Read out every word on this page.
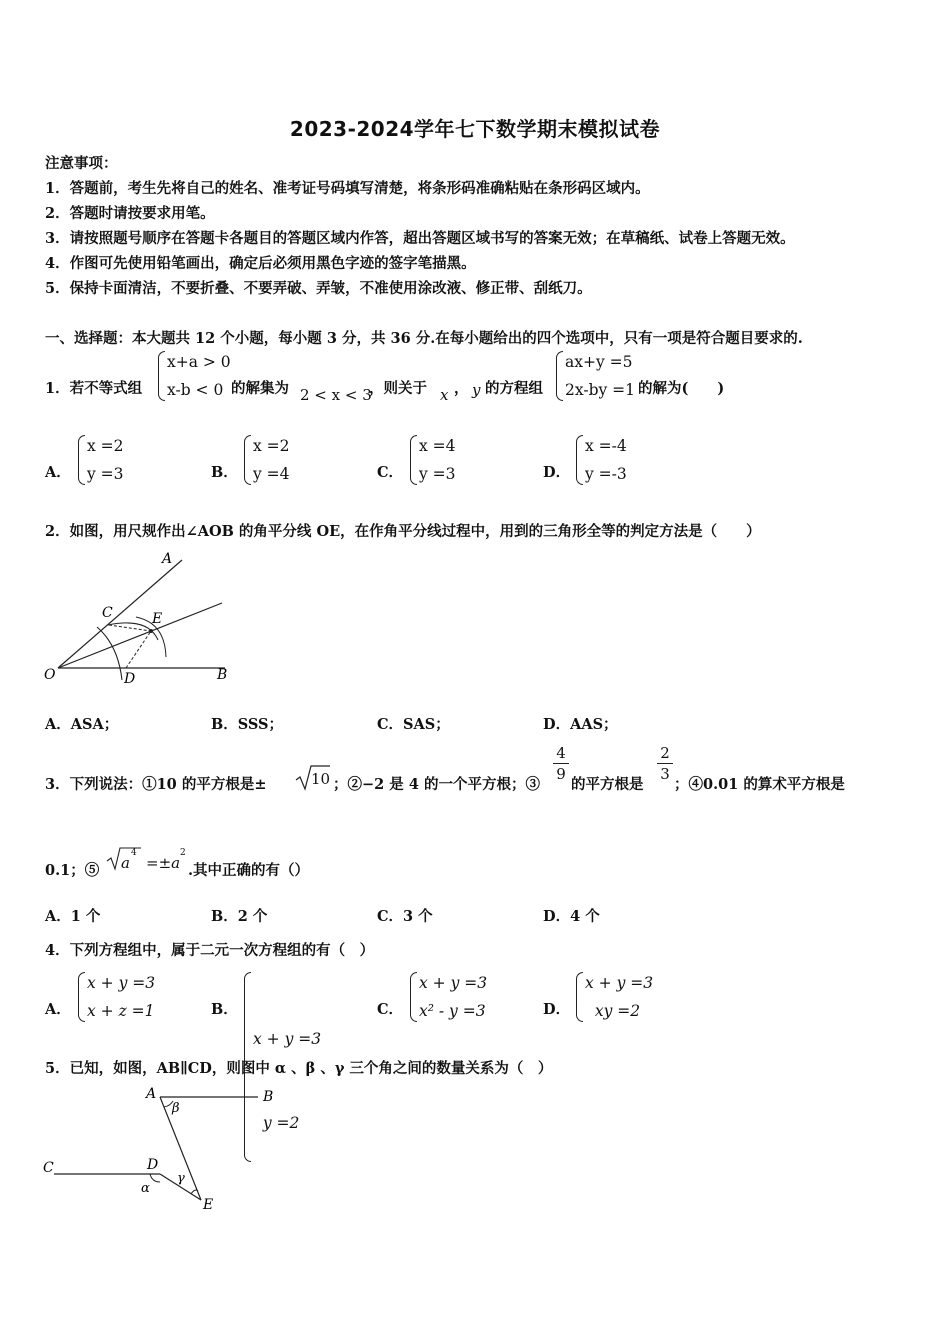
2023-2024学年七下数学期末模拟试卷
注意事项：
1．答题前，考生先将自己的姓名、准考证号码填写清楚，将条形码准确粘贴在条形码区域内。
2．答题时请按要求用笔。
3．请按照题号顺序在答题卡各题目的答题区域内作答，超出答题区域书写的答案无效；在草稿纸、试卷上答题无效。
4．作图可先使用铅笔画出，确定后必须用黑色字迹的签字笔描黑。
5．保持卡面清洁，不要折叠、不要弄破、弄皱，不准使用涂改液、修正带、刮纸刀。
一、选择题：本大题共 12 个小题，每小题 3 分，共 36 分.在每小题给出的四个选项中，只有一项是符合题目要求的.
1．若不等式组
x+a > 0
x-b < 0 的解集为 2 < x < 3
，则关于 x ， y 的方程组
ax+y =5
2x-by =1 的解为(　　)
A．
x =2
y =3	B．
x =2
y =4	C．
x =4
y =3	D．
x =-4
y =-3
2．如图，用尺规作出∠AOB 的角平分线 OE，在作角平分线过程中，用到的三角形全等的判定方法是（　　）
A
C	E
O	D	B
A．ASA；	B．SSS；	C．SAS；	D．AAS；
3．下列说法：①10 的平方根是±	10 ；②−2 是 4 的一个平方根；③
4
9
的平方根是
2
3
；④0.01 的算术平方根是
0.1；⑤ a
4
=±a
2
.其中正确的有（）
A．1 个	B．2 个	C．3 个	D．4 个
4．下列方程组中，属于二元一次方程组的有（　）
A．
x + y =3
x + z =1	B．

x + y =3

y =2

C．
x + y =3
x² - y =3	D．
x + y =3
xy =2
5．已知，如图，AB∥CD，则图中 α 、β 、γ 三个角之间的数量关系为（　）
A	B
β
C	D
γ
α
E
